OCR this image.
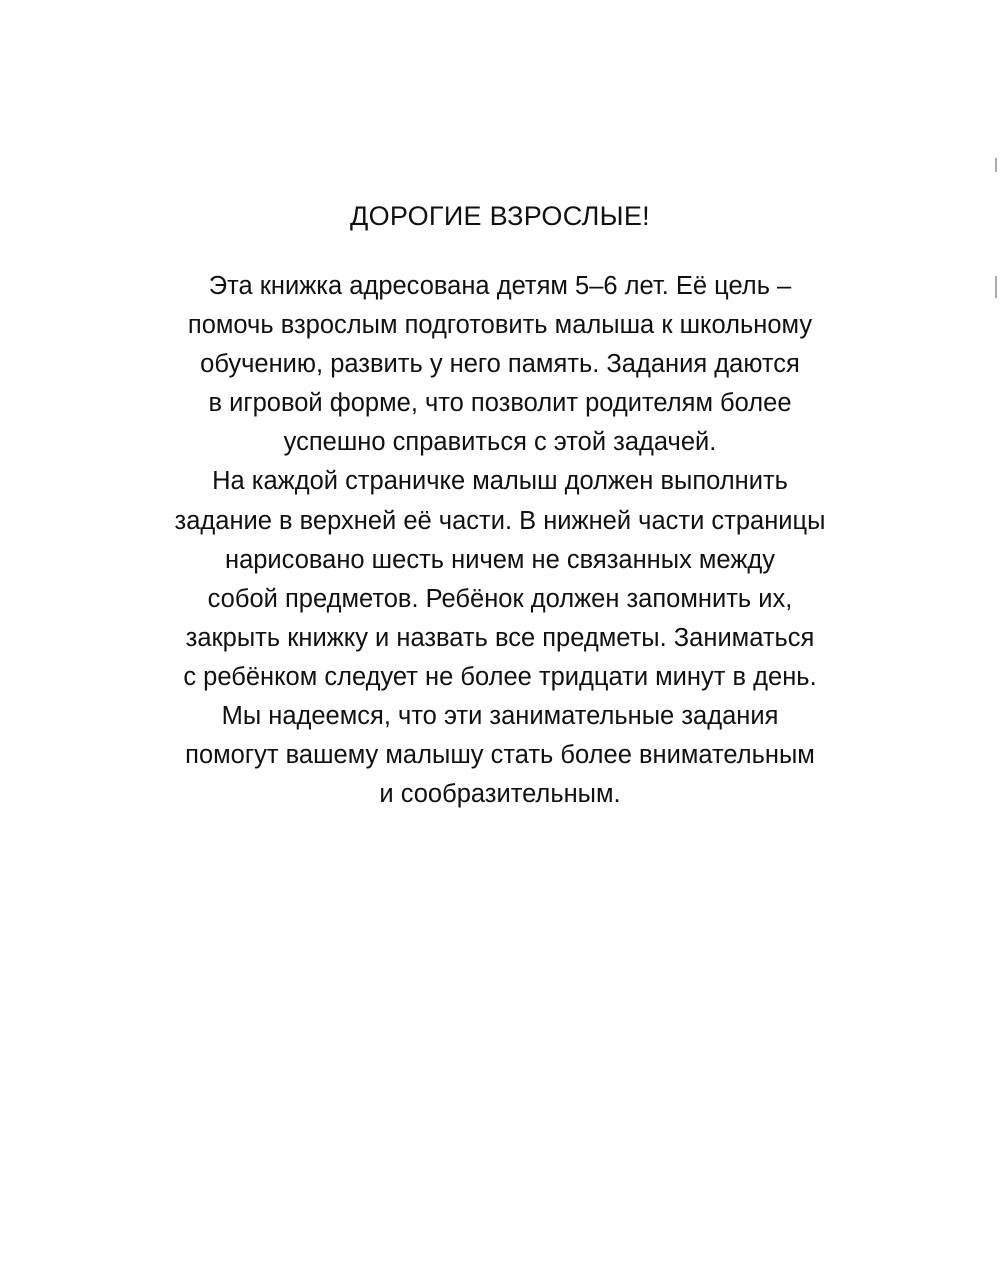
ДОРОГИЕ ВЗРОСЛЫЕ!

Эта книжка адресована детям 5–6 лет. Её цель –
помочь взрослым подготовить малыша к школьному
обучению, развить у него память. Задания даются
в игровой форме, что позволит родителям более
успешно справиться с этой задачей.
На каждой страничке малыш должен выполнить
задание в верхней её части. В нижней части страницы
нарисовано шесть ничем не связанных между
собой предметов. Ребёнок должен запомнить их,
закрыть книжку и назвать все предметы. Заниматься
с ребёнком следует не более тридцати минут в день.
Мы надеемся, что эти занимательные задания
помогут вашему малышу стать более внимательным
и сообразительным.
